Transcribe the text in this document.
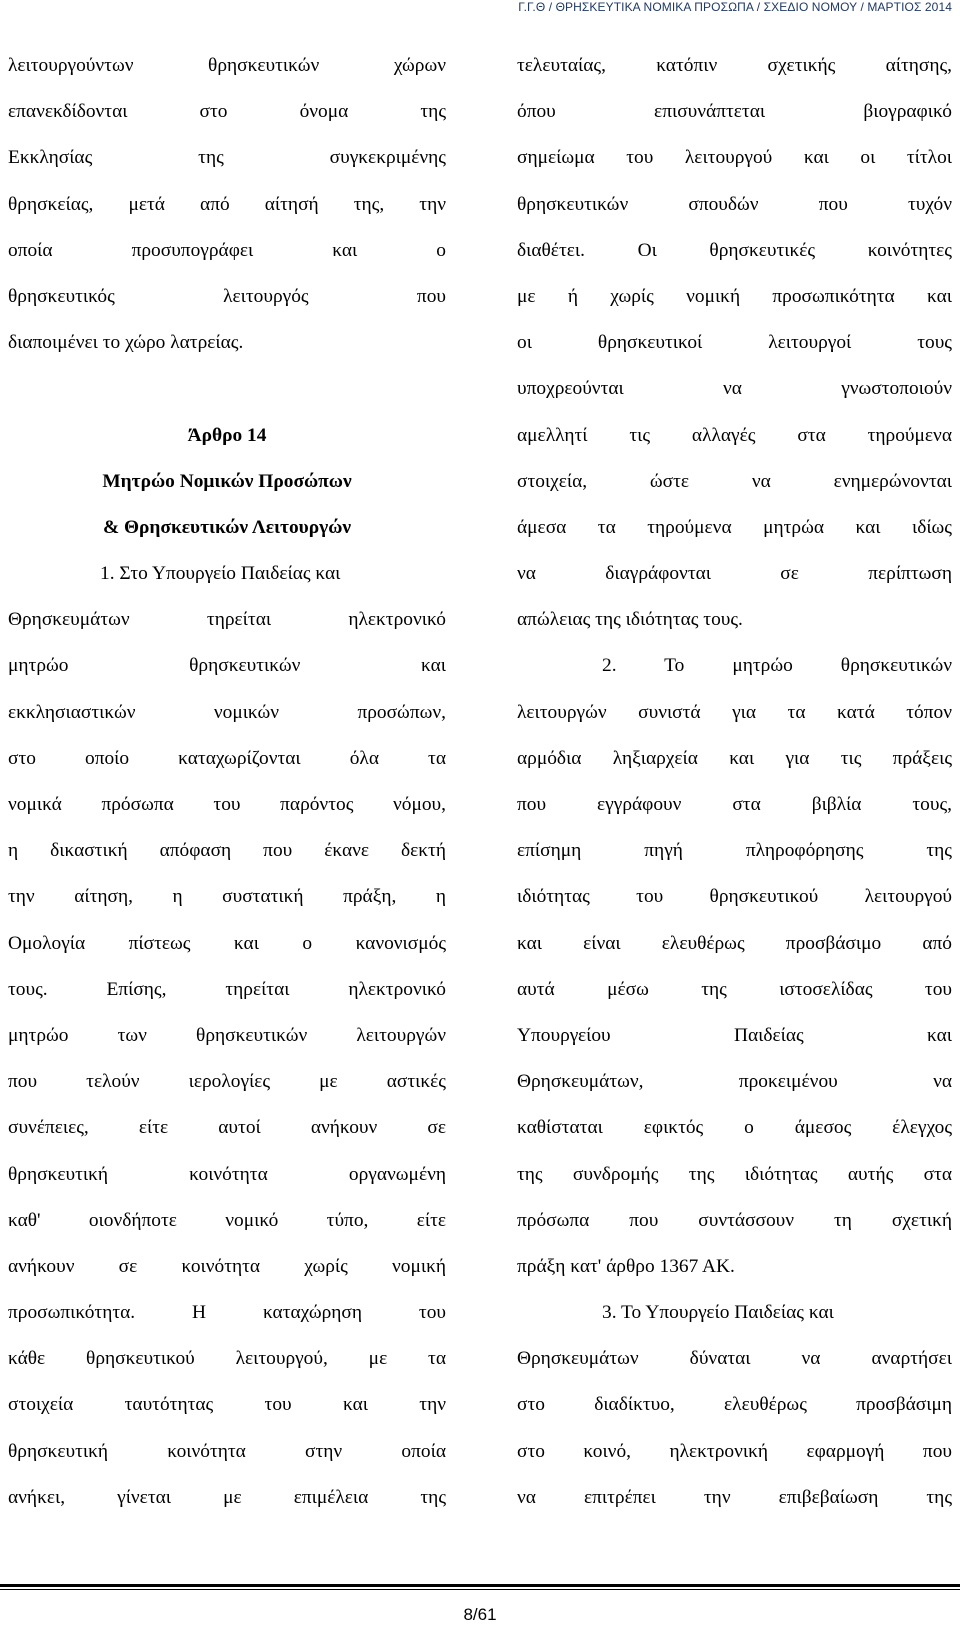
Γ.Γ.Θ / ΘΡΗΣΚΕΥΤΙΚΑ ΝΟΜΙΚΑ ΠΡΟΣΩΠΑ / ΣΧΕΔΙΟ ΝΟΜΟΥ / ΜΑΡΤΙΟΣ 2014
λειτουργούντων θρησκευτικών χώρων
επανεκδίδονται στο όνομα της
Εκκλησίας της συγκεκριμένης
θρησκείας, μετά από αίτησή της, την
οποία προσυπογράφει και ο
θρησκευτικός λειτουργός που
διαποιμένει το χώρο λατρείας.
Άρθρο 14
Μητρώο Νομικών Προσώπων
& Θρησκευτικών Λειτουργών
1. Στο Υπουργείο Παιδείας και
Θρησκευμάτων τηρείται ηλεκτρονικό
μητρώο θρησκευτικών και
εκκλησιαστικών νομικών προσώπων,
στο οποίο καταχωρίζονται όλα τα
νομικά πρόσωπα του παρόντος νόμου,
η δικαστική απόφαση που έκανε δεκτή
την αίτηση, η συστατική πράξη, η
Ομολογία πίστεως και ο κανονισμός
τους. Επίσης, τηρείται ηλεκτρονικό
μητρώο των θρησκευτικών λειτουργών
που τελούν ιερολογίες με αστικές
συνέπειες, είτε αυτοί ανήκουν σε
θρησκευτική κοινότητα οργανωμένη
καθ' οιονδήποτε νομικό τύπο, είτε
ανήκουν σε κοινότητα χωρίς νομική
προσωπικότητα. Η καταχώρηση του
κάθε θρησκευτικού λειτουργού, με τα
στοιχεία ταυτότητας του και την
θρησκευτική κοινότητα στην οποία
ανήκει, γίνεται με επιμέλεια της
τελευταίας, κατόπιν σχετικής αίτησης,
όπου επισυνάπτεται βιογραφικό
σημείωμα του λειτουργού και οι τίτλοι
θρησκευτικών σπουδών που τυχόν
διαθέτει. Οι θρησκευτικές κοινότητες
με ή χωρίς νομική προσωπικότητα και
οι θρησκευτικοί λειτουργοί τους
υποχρεούνται να γνωστοποιούν
αμελλητί τις αλλαγές στα τηρούμενα
στοιχεία, ώστε να ενημερώνονται
άμεσα τα τηρούμενα μητρώα και ιδίως
να διαγράφονται σε περίπτωση
απώλειας της ιδιότητας τους.
2. Το μητρώο θρησκευτικών
λειτουργών συνιστά για τα κατά τόπον
αρμόδια ληξιαρχεία και για τις πράξεις
που εγγράφουν στα βιβλία τους,
επίσημη πηγή πληροφόρησης της
ιδιότητας του θρησκευτικού λειτουργού
και είναι ελευθέρως προσβάσιμο από
αυτά μέσω της ιστοσελίδας του
Υπουργείου Παιδείας και
Θρησκευμάτων, προκειμένου να
καθίσταται εφικτός ο άμεσος έλεγχος
της συνδρομής της ιδιότητας αυτής στα
πρόσωπα που συντάσσουν τη σχετική
πράξη κατ' άρθρο 1367 ΑΚ.
3. Το Υπουργείο Παιδείας και
Θρησκευμάτων δύναται να αναρτήσει
στο διαδίκτυο, ελευθέρως προσβάσιμη
στο κοινό, ηλεκτρονική εφαρμογή που
να επιτρέπει την επιβεβαίωση της
8/61
